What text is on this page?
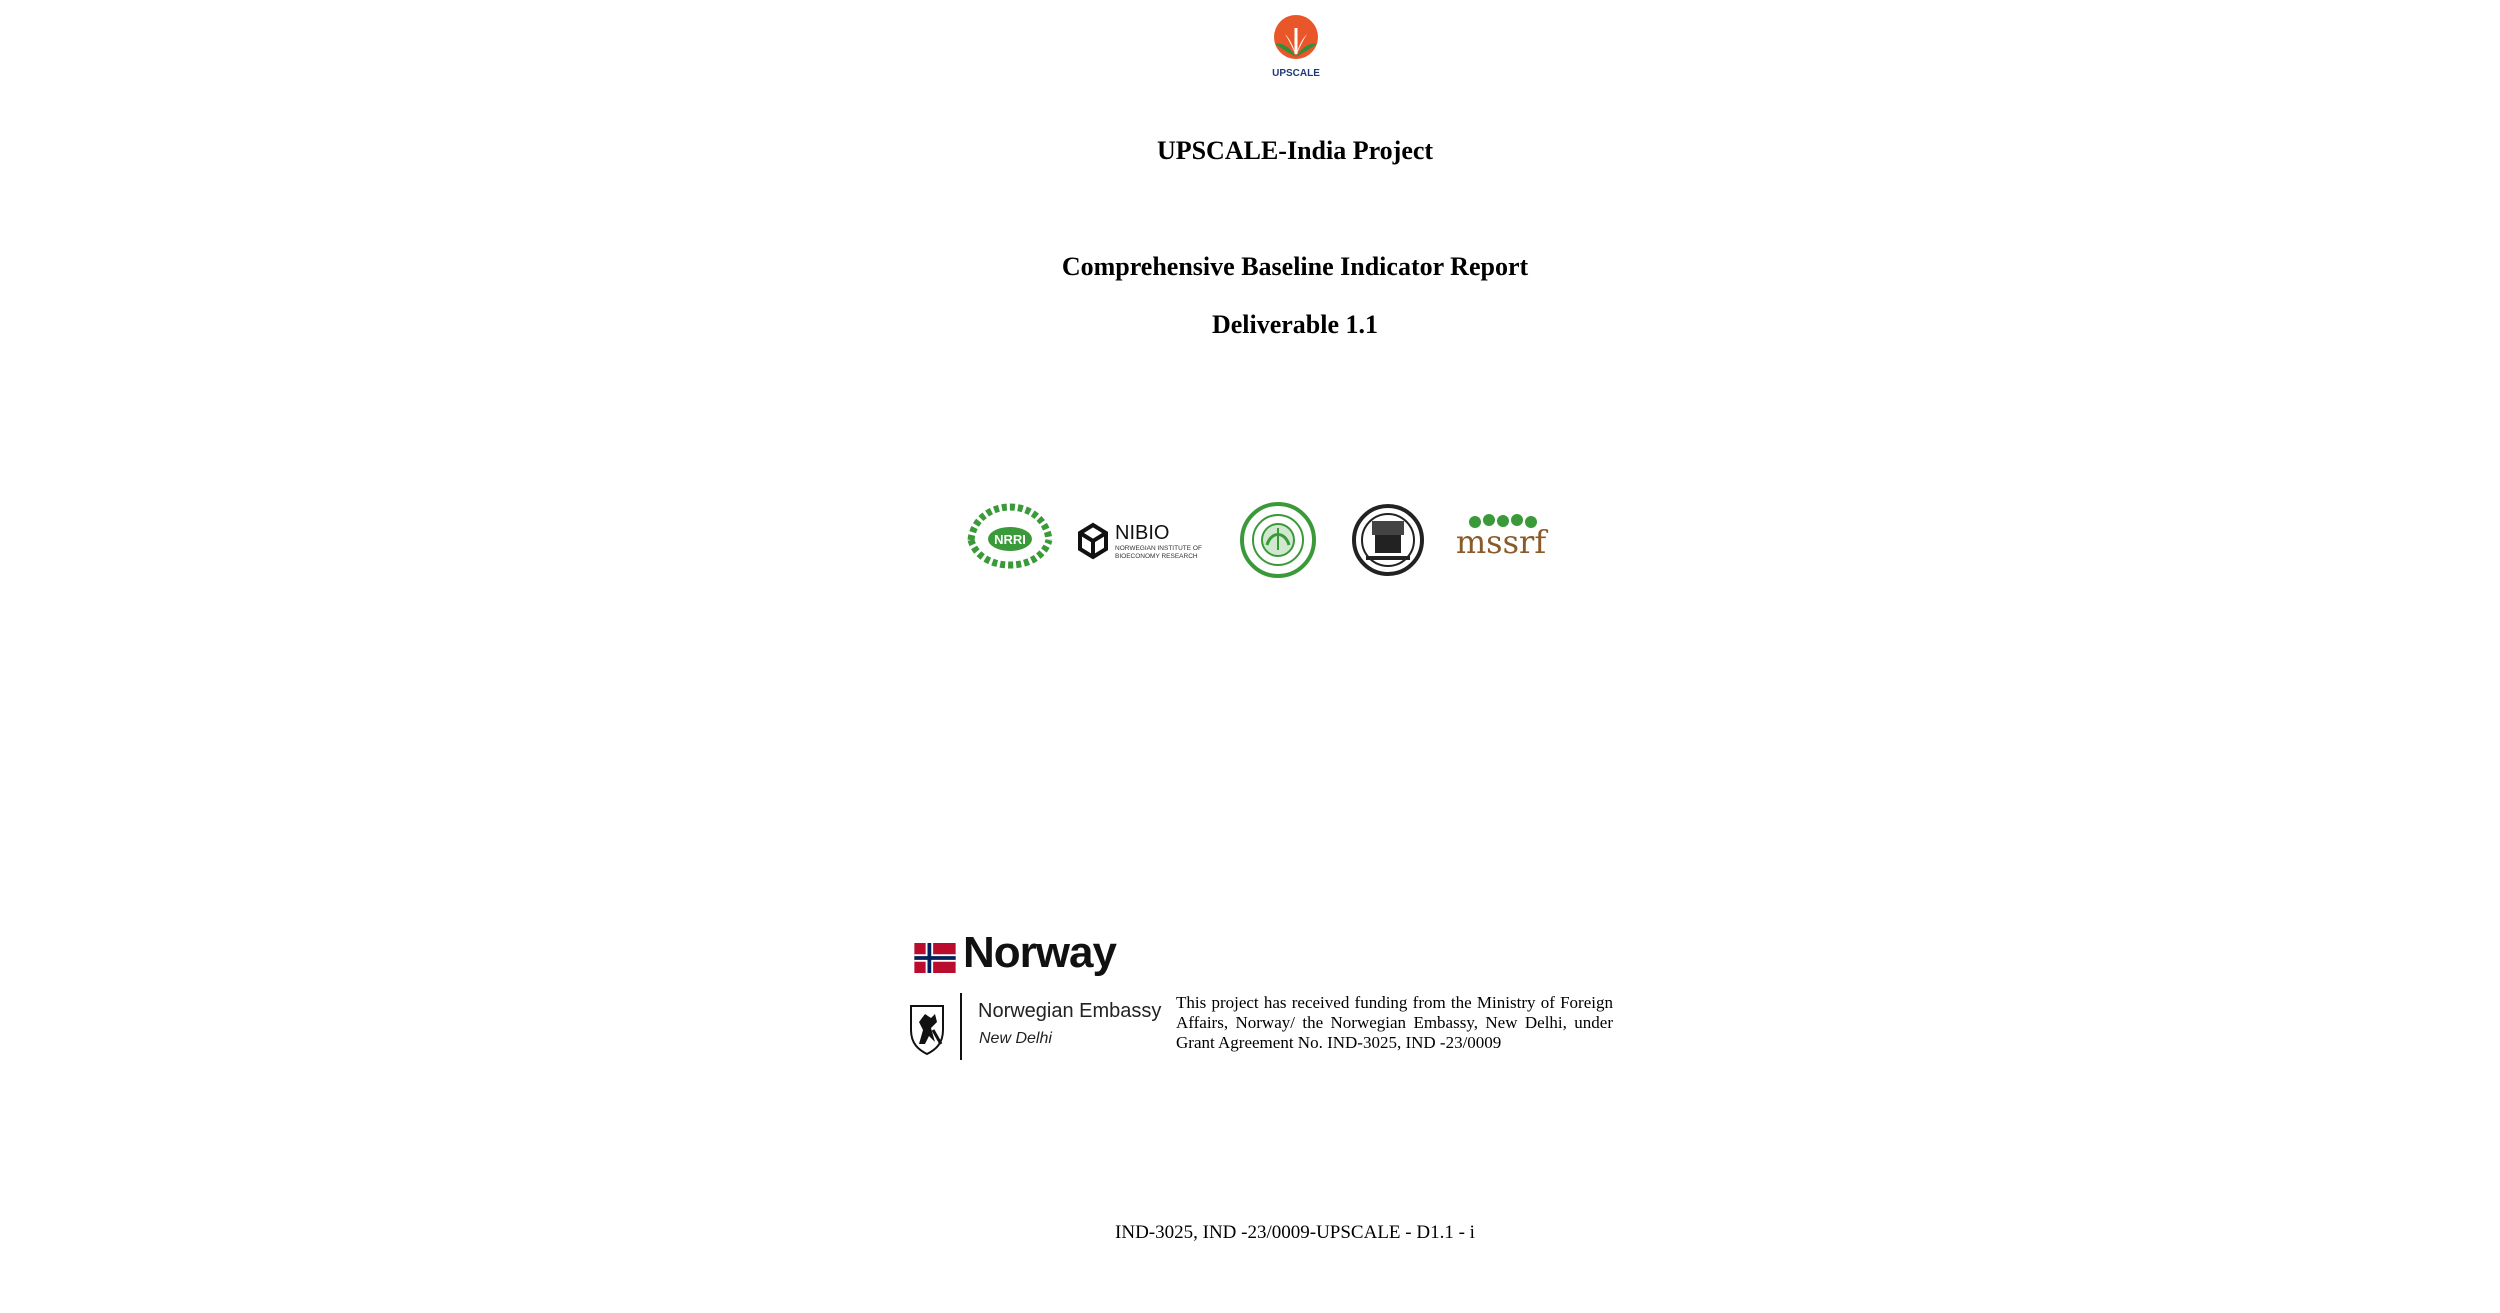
UPSCALE
UPSCALE-India Project
Comprehensive Baseline Indicator Report
Deliverable 1.1
NRRI	NIBIO
NORWEGIAN INSTITUTE OF
BIOECONOMY RESEARCH	mssrf
Norway
Norwegian Embassy
New Delhi
This project has received funding from the Ministry of Foreign Affairs, Norway/ the Norwegian Embassy, New Delhi, under Grant Agreement No. IND-3025, IND -23/0009
IND-3025, IND -23/0009-UPSCALE - D1.1 - i
